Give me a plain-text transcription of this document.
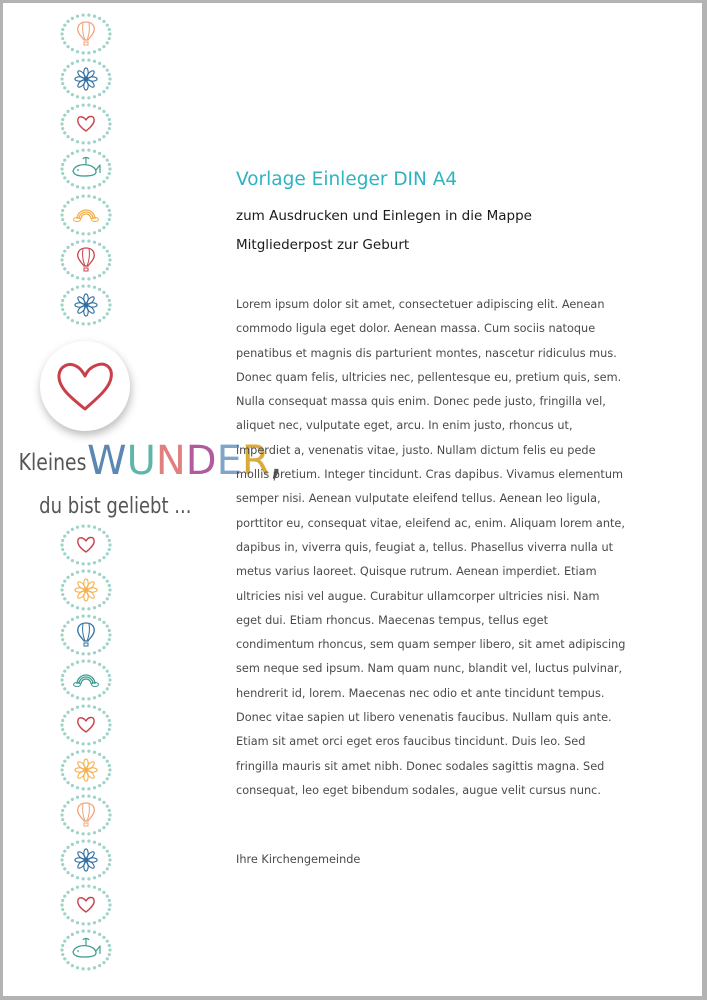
Kleines WUNDER,
du bist geliebt ...
Vorlage Einleger DIN A4

zum Ausdrucken und Einlegen in die Mappe

Mitgliederpost zur Geburt

Lorem ipsum dolor sit amet, consectetuer adipiscing elit. Aenean commodo ligula eget dolor. Aenean massa. Cum sociis natoque penatibus et magnis dis parturient montes, nascetur ridiculus mus. Donec quam felis, ultricies nec, pellentesque eu, pretium quis, sem. Nulla consequat massa quis enim. Donec pede justo, fringilla vel, aliquet nec, vulputate eget, arcu. In enim justo, rhoncus ut, imperdiet a, venenatis vitae, justo. Nullam dictum felis eu pede mollis pretium. Integer tincidunt. Cras dapibus. Vivamus elementum semper nisi. Aenean vulputate eleifend tellus. Aenean leo ligula, porttitor eu, consequat vitae, eleifend ac, enim. Aliquam lorem ante, dapibus in, viverra quis, feugiat a, tellus. Phasellus viverra nulla ut metus varius laoreet. Quisque rutrum. Aenean imperdiet. Etiam ultricies nisi vel augue. Curabitur ullamcorper ultricies nisi. Nam eget dui. Etiam rhoncus. Maecenas tempus, tellus eget condimentum rhoncus, sem quam semper libero, sit amet adipiscing sem neque sed ipsum. Nam quam nunc, blandit vel, luctus pulvinar, hendrerit id, lorem. Maecenas nec odio et ante tincidunt tempus. Donec vitae sapien ut libero venenatis faucibus. Nullam quis ante. Etiam sit amet orci eget eros faucibus tincidunt. Duis leo. Sed fringilla mauris sit amet nibh. Donec sodales sagittis magna. Sed consequat, leo eget bibendum sodales, augue velit cursus nunc.

Ihre Kirchengemeinde
